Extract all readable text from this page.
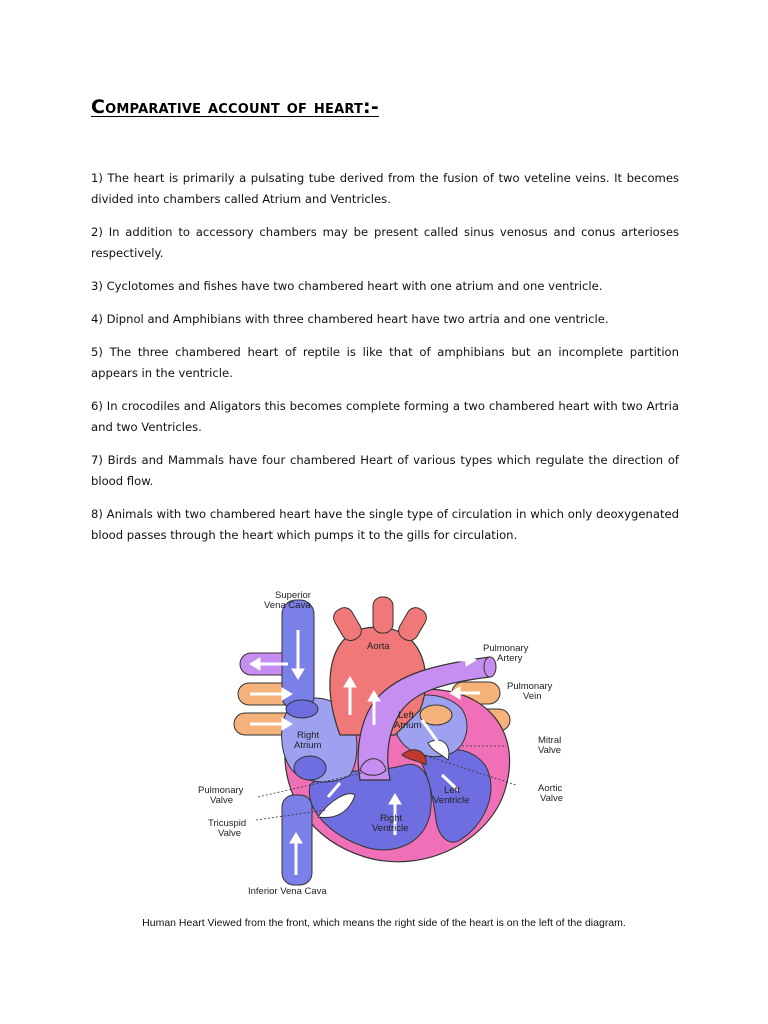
Comparative account of heart:-

1) The heart is primarily a pulsating tube derived from the fusion of two veteline veins. It becomes divided into chambers called Atrium and Ventricles.

2) In addition to accessory chambers may be present called sinus venosus and conus arterioses respectively.

3) Cyclotomes and fishes have two chambered heart with one atrium and one ventricle.

4) Dipnol and Amphibians with three chambered heart have two artria and one ventricle.

5) The three chambered heart of reptile is like that of amphibians but an incomplete partition appears in the ventricle.

6) In crocodiles and Aligators this becomes complete forming a two chambered heart with two Artria and two Ventricles.

7) Birds and Mammals have four chambered Heart of various types which regulate the direction of blood flow.

8) Animals with two chambered heart have the single type of circulation in which only deoxygenated blood passes through the heart which pumps it to the gills for circulation.

Superior
Vena Cava
Aorta	Pulmonary
Artery
Pulmonary
Vein
Left
Atrium
Right
Atrium	Mitral
Valve
Pulmonary
Valve
Aortic
Valve
Left
Ventricle
Tricuspid
Valve
Right
Ventricle
Inferior Vena Cava

Human Heart Viewed from the front, which means the right side of the heart is on the left of the diagram.
